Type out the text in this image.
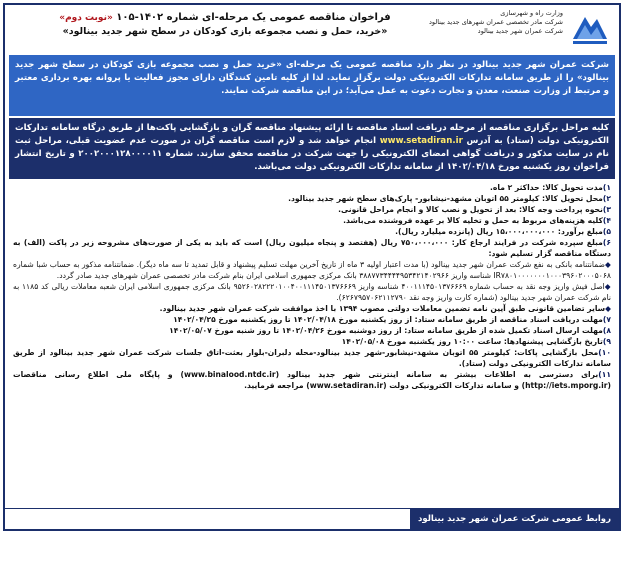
وزارت راه و شهرسازی
شرکت مادر تخصصی عمران شهرهای جدید بینالود
شرکت عمران شهر جدید بینالود
فراخوان مناقصه عمومی یک مرحله-ای شماره ۱۴۰۲-۱۰۵ «نوبت دوم»
«خرید، حمل و نصب مجموعه بازی کودکان در سطح شهر جدید بینالود»
شرکت عمران شهر جدید بینالود در نظر دارد مناقصه عمومی یک مرحله-ای «خرید حمل و نصب مجموعه بازی کودکان در سطح شهر جدید بینالود» را از طریق سامانه تدارکات الکترونیکی دولت برگزار نماید. لذا از کلیه تامین کنندگان دارای مجوز فعالیت یا پروانه بهره برداری معتبر و مرتبط از وزارت صنعت، معدن و تجارت دعوت به عمل می‌آید؛ در این مناقصه شرکت نمایند.
کلیه مراحل برگزاری مناقصه از مرحله دریافت اسناد مناقصه تا ارائه پیشنهاد مناقصه گران و بازگشایی پاکت‌ها از طریق درگاه سامانه تدارکات الکترونیکی دولت (ستاد) به آدرس www.setadiran.ir انجام خواهد شد و لازم است مناقصه گران در صورت عدم عضویت قبلی، مراحل ثبت نام در سایت مذکور و دریافت گواهی امضای الکترونیکی را جهت شرکت در مناقصه محقق سازند. شماره ۲۰۰۲۰۰۰۱۲۸۰۰۰۰۱۱ و تاریخ انتشار فراخوان روز یکشنبه مورخ ۱۴۰۲/۰۴/۱۸ از سامانه تدارکات الکترونیکی دولت می‌باشد.

۱)مدت تحویل کالا: حداکثر ۲ ماه.

۲)محل تحویل کالا: کیلومتر ۵۵ اتوبان مشهد-نیشابور- پارک‌های سطح شهر جدید بینالود.

۳)نحوه پرداخت وجه کالا: بعد از تحویل و نصب کالا و انجام مراحل قانونی.

۴)کلیه هزینه‌های مربوط به حمل و تخلیه کالا بر عهده فروشنده می‌باشد.

۵)مبلغ برآورد: ۱۵،۰۰۰،۰۰۰،۰۰۰ ریال (پانزده میلیارد ریال).

۶)مبلغ سپرده شرکت در فرایند ارجاع کار: ۷۵۰،۰۰۰،۰۰۰ ریال (هفتصد و پنجاه میلیون ریال) است که باید به یکی از صورت‌های مشروحه زیر در پاکت (الف) به دستگاه مناقصه گزار تسلیم شود:

◆ضمانتنامه بانکی به نفع شرکت عمران شهر جدید بینالود (با مدت اعتبار اولیه ۳ ماه از تاریخ آخرین مهلت تسلیم پیشنهاد و قابل تمدید تا سه ماه دیگر). ضمانتنامه مذکور به حساب شبا شماره IR۷۸۰۱۰۰۰۰۰۰۰۱۰۰۰۳۹۶۰۲۰۰۰۵۰۶۸ شناسه واریز ۳۸۸۷۷۳۴۴۴۴۹۵۳۴۲۱۴۰۲۹۶۶ بانک مرکزی جمهوری اسلامی ایران بنام شرکت مادر تخصصی عمران شهرهای جدید صادر گردد.

◆اصل فیش واریز وجه نقد به حساب شماره ۴۰۰۱۱۱۴۵۰۱۳۷۶۶۶۹ شناسه واریز ۹۵۲۶۰۲۸۲۲۲۰۱۰۰۴۰۰۱۱۱۴۵۰۱۳۷۶۶۶۹ بانک مرکزی جمهوری اسلامی ایران شعبه معاملات ریالی کد ۱۱۸۵ به نام شرکت عمران شهر جدید بینالود (شماره کارت واریز وجه نقد ۶۲۶۷۹۵۷۰۶۲۱۱۲۷۹۰).

◆سایر تضامین قانونی طبق آیین نامه تضمین معاملات دولتی مصوب ۱۳۹۴ با اخذ موافقت شرکت عمران شهر جدید بینالود.

۷)مهلت دریافت اسناد مناقصه از طریق سامانه ستاد: از روز یکشنبه مورخ ۱۴۰۲/۰۴/۱۸ تا روز یکشنبه مورخ ۱۴۰۲/۰۴/۲۵

۸)مهلت ارسال اسناد تکمیل شده از طریق سامانه ستاد: از روز دوشنبه مورخ ۱۴۰۲/۰۴/۲۶ تا روز شنبه مورخ ۱۴۰۲/۰۵/۰۷

۹)تاریخ بازگشایی پیشنهادها: ساعت ۱۰:۰۰ روز یکشنبه مورخ ۱۴۰۲/۰۵/۰۸

۱۰)محل بازگشایی پاکات: کیلومتر ۵۵ اتوبان مشهد-نیشابور-شهر جدید بینالود-محله دلبران-بلوار بعثت-اتاق جلسات شرکت عمران شهر جدید بینالود از طریق سامانه تدارکات الکترونیکی دولت (ستاد).

۱۱)برای دسترسی به اطلاعات بیشتر به سامانه اینترنتی شهر جدید بینالود (www.binalood.ntdc.ir) و پایگاه ملی اطلاع رسانی مناقصات (http://iets.mporg.ir) و سامانه تدارکات الکترونیکی دولت (www.setadiran.ir) مراجعه فرمایید.

روابط عمومی شرکت عمران شهر جدید بینالود
